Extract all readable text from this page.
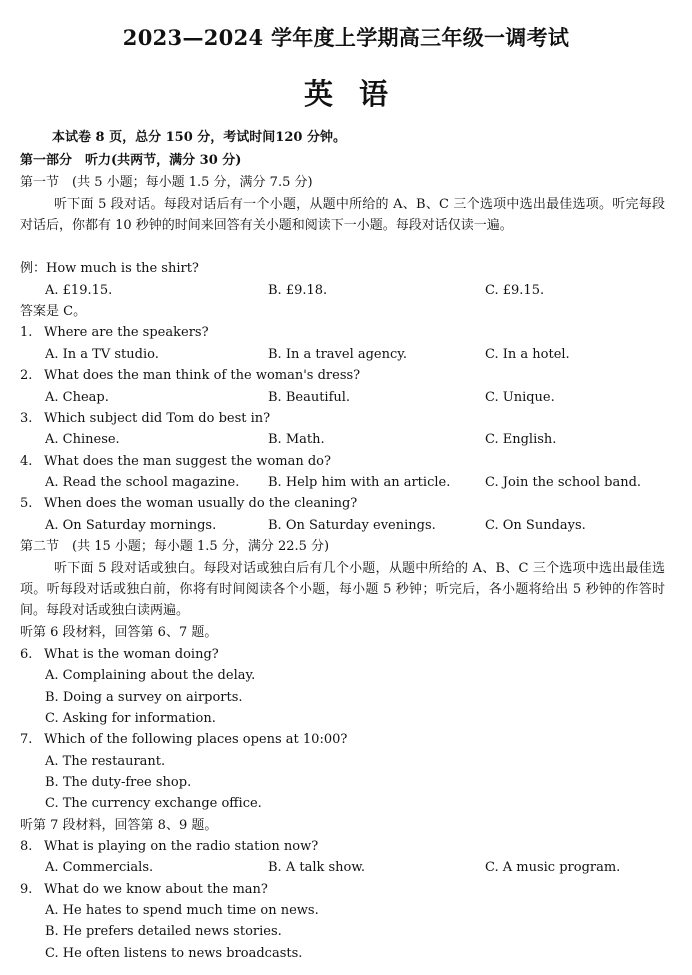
2023—2024 学年度上学期高三年级一调考试
英语
本试卷 8 页，总分 150 分，考试时间120 分钟。
第一部分　听力(共两节，满分 30 分)
第一节　(共 5 小题；每小题 1.5 分，满分 7.5 分)
听下面 5 段对话。每段对话后有一个小题，从题中所给的 A、B、C 三个选项中选出最佳选项。听完每段对话后，你都有 10 秒钟的时间来回答有关小题和阅读下一小题。每段对话仅读一遍。
例：How much is the shirt?
A. £19.15.	B. £9.18.	C. £9.15.
答案是 C。
1. Where are the speakers?
A. In a TV studio.	B. In a travel agency.	C. In a hotel.
2. What does the man think of the woman's dress?
A. Cheap.	B. Beautiful.	C. Unique.
3. Which subject did Tom do best in?
A. Chinese.	B. Math.	C. English.
4. What does the man suggest the woman do?
A. Read the school magazine. B. Help him with an article.	C. Join the school band.
5. When does the woman usually do the cleaning?
A. On Saturday mornings.	B. On Saturday evenings.	C. On Sundays.
第二节　(共 15 小题；每小题 1.5 分，满分 22.5 分)
听下面 5 段对话或独白。每段对话或独白后有几个小题，从题中所给的 A、B、C 三个选项中选出最佳选项。听每段对话或独白前，你将有时间阅读各个小题，每小题 5 秒钟；听完后，各小题将给出 5 秒钟的作答时间。每段对话或独白读两遍。
听第 6 段材料，回答第 6、7 题。
6. What is the woman doing?
A. Complaining about the delay.
B. Doing a survey on airports.
C. Asking for information.
7. Which of the following places opens at 10:00?
A. The restaurant.
B. The duty-free shop.
C. The currency exchange office.
听第 7 段材料，回答第 8、9 题。
8. What is playing on the radio station now?
A. Commercials.	B. A talk show.	C. A music program.
9. What do we know about the man?
A. He hates to spend much time on news.
B. He prefers detailed news stories.
C. He often listens to news broadcasts.
